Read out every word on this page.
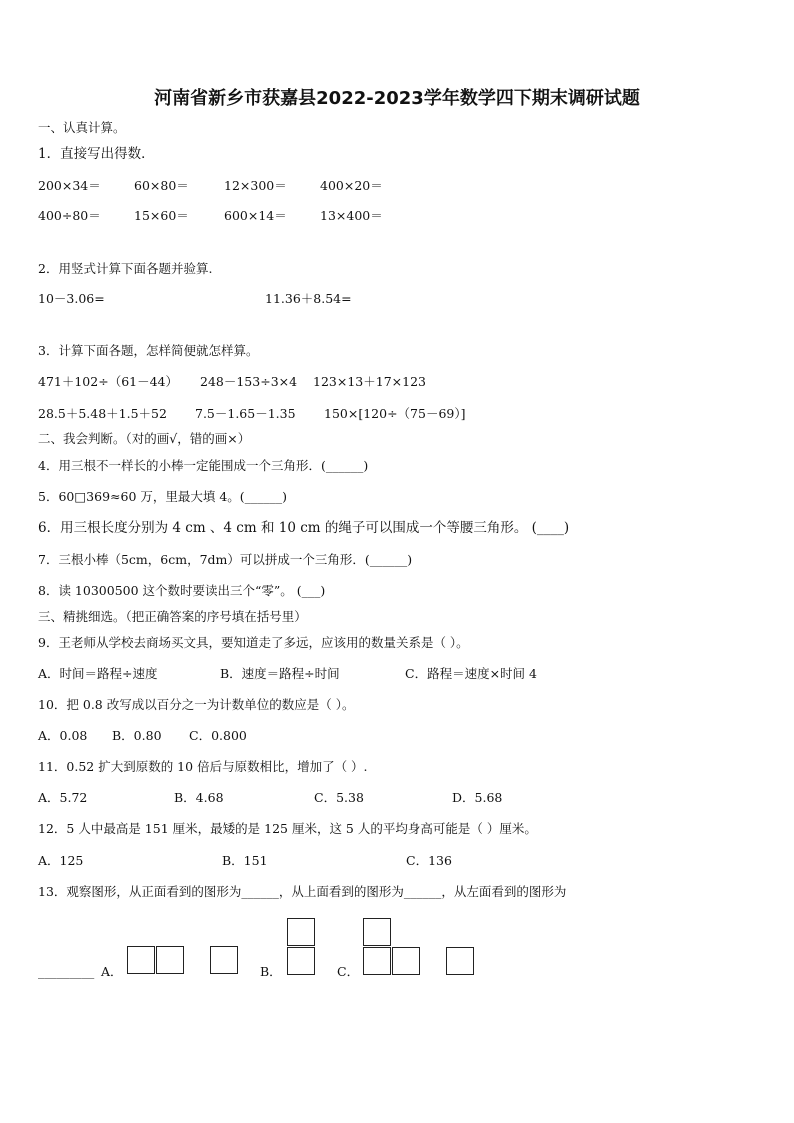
河南省新乡市获嘉县2022-2023学年数学四下期末调研试题
一、认真计算。
1．直接写出得数．
200×34＝	60×80＝	12×300＝	400×20＝
400÷80＝	15×60＝	600×14＝	13×400＝
2．用竖式计算下面各题并验算.
10－3.06=	11.36＋8.54=
3．计算下面各题，怎样简便就怎样算。
471＋102÷（61－44） 248－153÷3×4 123×13＋17×123
28.5＋5.48＋1.5＋52 7.5－1.65－1.35 150×[120÷（75－69）]
二、我会判断。（对的画√，错的画×）
4．用三根不一样长的小棒一定能围成一个三角形．(______)
5．60□369≈60 万，里最大填 4。(______)
6．用三根长度分别为 4 cm 、4 cm 和 10 cm 的绳子可以围成一个等腰三角形。 (____)
7．三根小棒（5cm，6cm，7dm）可以拼成一个三角形．(______)
8．读 10300500 这个数时要读出三个“零”。 (___)
三、精挑细选。（把正确答案的序号填在括号里）
9．王老师从学校去商场买文具，要知道走了多远，应该用的数量关系是（ ）。
A．时间＝路程÷速度	B．速度＝路程÷时间	C．路程＝速度×时间 4
10．把 0.8 改写成以百分之一为计数单位的数应是（ ）。
A．0.08 B．0.80 C．0.800
11．0.52 扩大到原数的 10 倍后与原数相比，增加了（ ）.
A．5.72	B．4.68	C．5.38	D．5.68
12．5 人中最高是 151 厘米，最矮的是 125 厘米，这 5 人的平均身高可能是（ ）厘米。
A．125	B．151	C．136
13．观察图形，从正面看到的图形为______，从上面看到的图形为______，从左面看到的图形为
_________ A．	B．	C．
